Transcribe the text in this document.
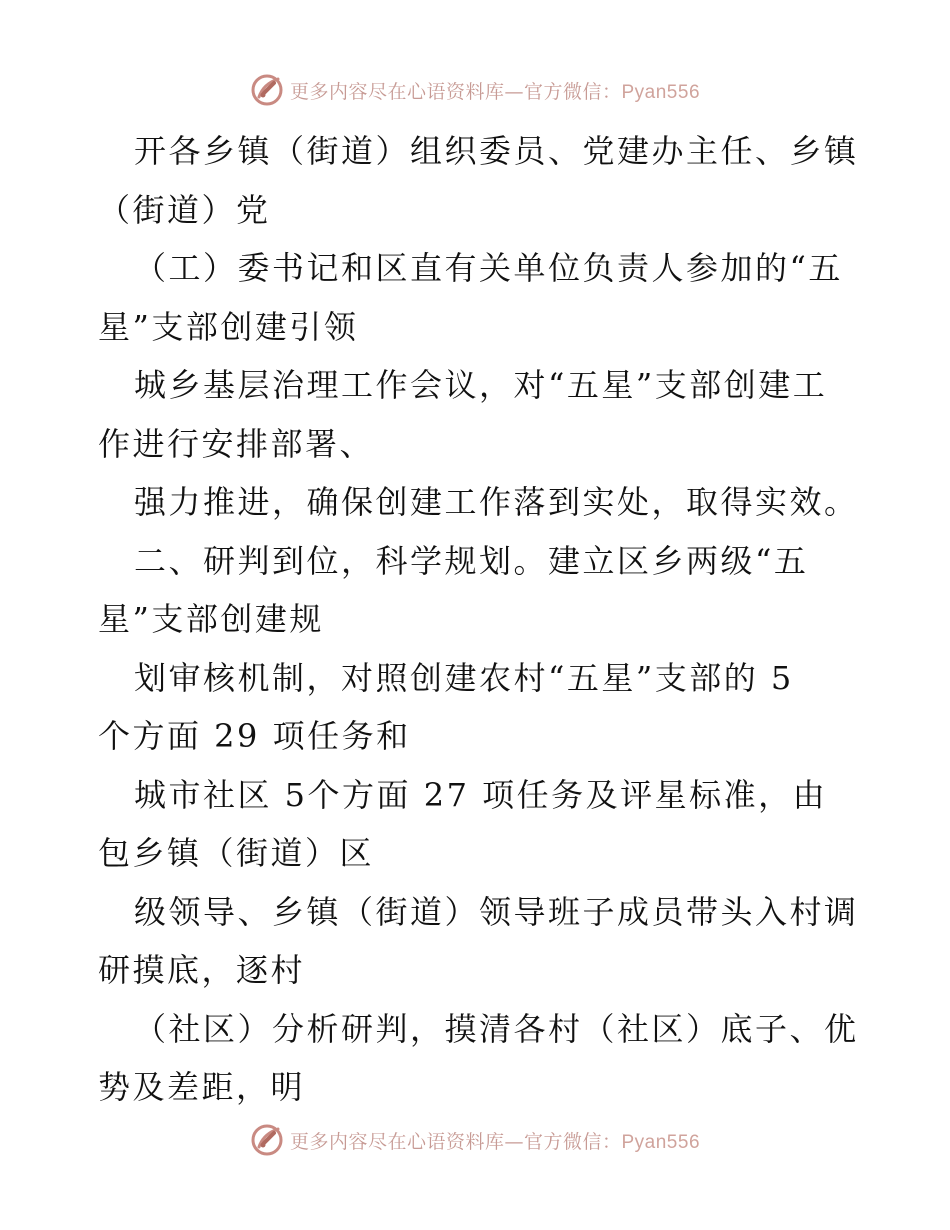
更多内容尽在心语资料库—官方微信：Pyan556
开各乡镇（街道）组织委员、党建办主任、乡镇
（街道）党
（工）委书记和区直有关单位负责人参加的“五
星”支部创建引领
城乡基层治理工作会议，对“五星”支部创建工
作进行安排部署、
强力推进，确保创建工作落到实处，取得实效。
二、研判到位，科学规划。建立区乡两级“五
星”支部创建规
划审核机制，对照创建农村“五星”支部的 5
个方面 29 项任务和
城市社区 5个方面 27 项任务及评星标准，由
包乡镇（街道）区
级领导、乡镇（街道）领导班子成员带头入村调
研摸底，逐村
（社区）分析研判，摸清各村（社区）底子、优
势及差距，明
更多内容尽在心语资料库—官方微信：Pyan556
